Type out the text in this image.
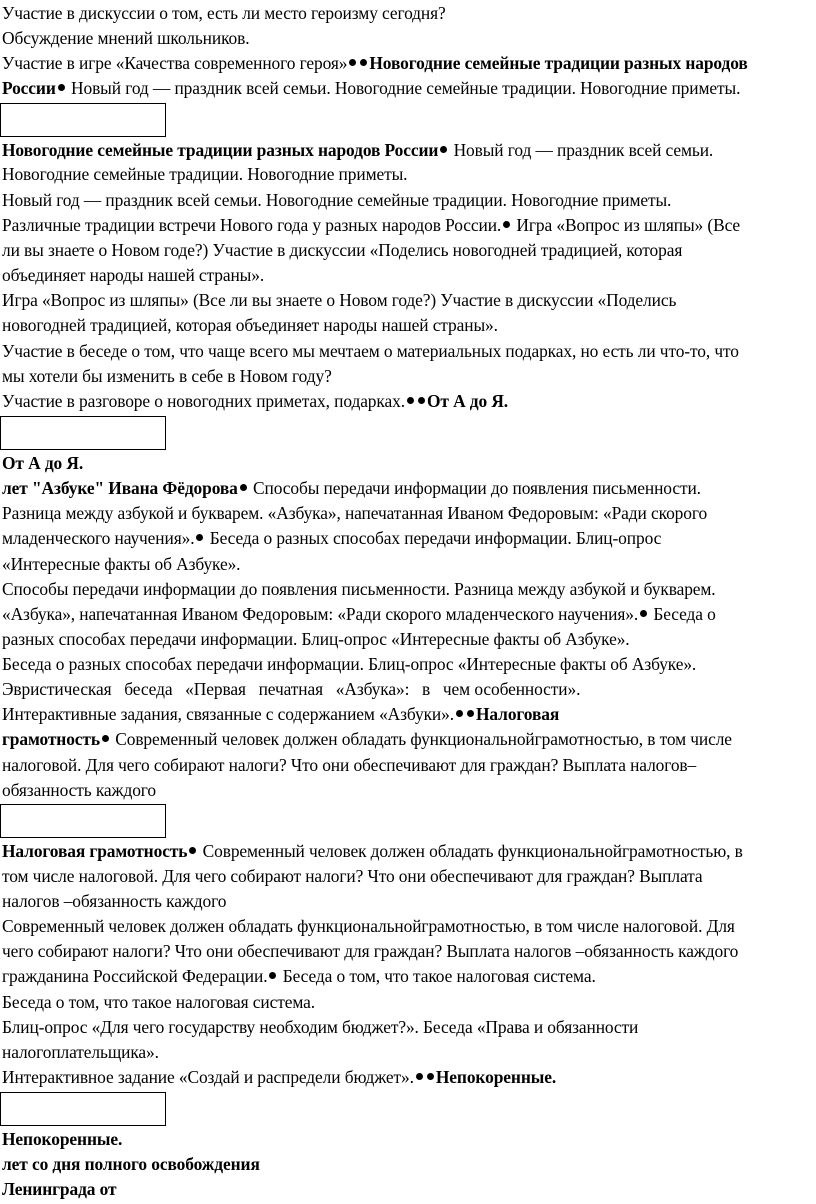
Участие в дискуссии о том, есть ли место героизму сегодня?
Обсуждение мнений школьников.
Участие в игре «Качества современного героя» Новогодние семейные традиции разных народов
России Новый год — праздник всей семьи. Новогодние семейные традиции. Новогодние приметы.
Новогодние семейные традиции разных народов России Новый год — праздник всей семьи.
Новогодние семейные традиции. Новогодние приметы.
Новый год — праздник всей семьи. Новогодние семейные традиции. Новогодние приметы.
Различные традиции встречи Нового года у разных народов России. Игра «Вопрос из шляпы» (Все
ли вы знаете о Новом годе?) Участие в дискуссии «Поделись новогодней традицией, которая
объединяет народы нашей страны».
Игра «Вопрос из шляпы» (Все ли вы знаете о Новом годе?) Участие в дискуссии «Поделись
новогодней традицией, которая объединяет народы нашей страны».
Участие в беседе о том, что чаще всего мы мечтаем о материальных подарках, но есть ли что-то, что
мы хотели бы изменить в себе в Новом году?
Участие в разговоре о новогодних приметах, подарках. От А до Я.
От А до Я.
лет "Азбуке" Ивана Фёдорова Способы передачи информации до появления письменности.
Разница между азбукой и букварем. «Азбука», напечатанная Иваном Федоровым: «Ради скорого
младенческого научения». Беседа о разных способах передачи информации. Блиц-опрос
«Интересные факты об Азбуке».
Способы передачи информации до появления письменности. Разница между азбукой и букварем.
«Азбука», напечатанная Иваном Федоровым: «Ради скорого младенческого научения». Беседа о
разных способах передачи информации. Блиц-опрос «Интересные факты об Азбуке».
Беседа о разных способах передачи информации. Блиц-опрос «Интересные факты об Азбуке».
Эвристическая   беседа   «Первая   печатная   «Азбука»:   в   чем особенности».
Интерактивные задания, связанные с содержанием «Азбуки». Налоговая
грамотность Современный человек должен обладать функциональнойграмотностью, в том числе
налоговой. Для чего собирают налоги? Что они обеспечивают для граждан? Выплата налогов–
обязанность каждого
Налоговая грамотность Современный человек должен обладать функциональнойграмотностью, в
том числе налоговой. Для чего собирают налоги? Что они обеспечивают для граждан? Выплата
налогов –обязанность каждого
Современный человек должен обладать функциональнойграмотностью, в том числе налоговой. Для
чего собирают налоги? Что они обеспечивают для граждан? Выплата налогов –обязанность каждого
гражданина Российской Федерации. Беседа о том, что такое налоговая система.
Беседа о том, что такое налоговая система.
Блиц-опрос «Для чего государству необходим бюджет?». Беседа «Права и обязанности
налогоплательщика».
Интерактивное задание «Создай и распредели бюджет». Непокоренные.
Непокоренные.
лет со дня полного освобождения
Ленинграда от
